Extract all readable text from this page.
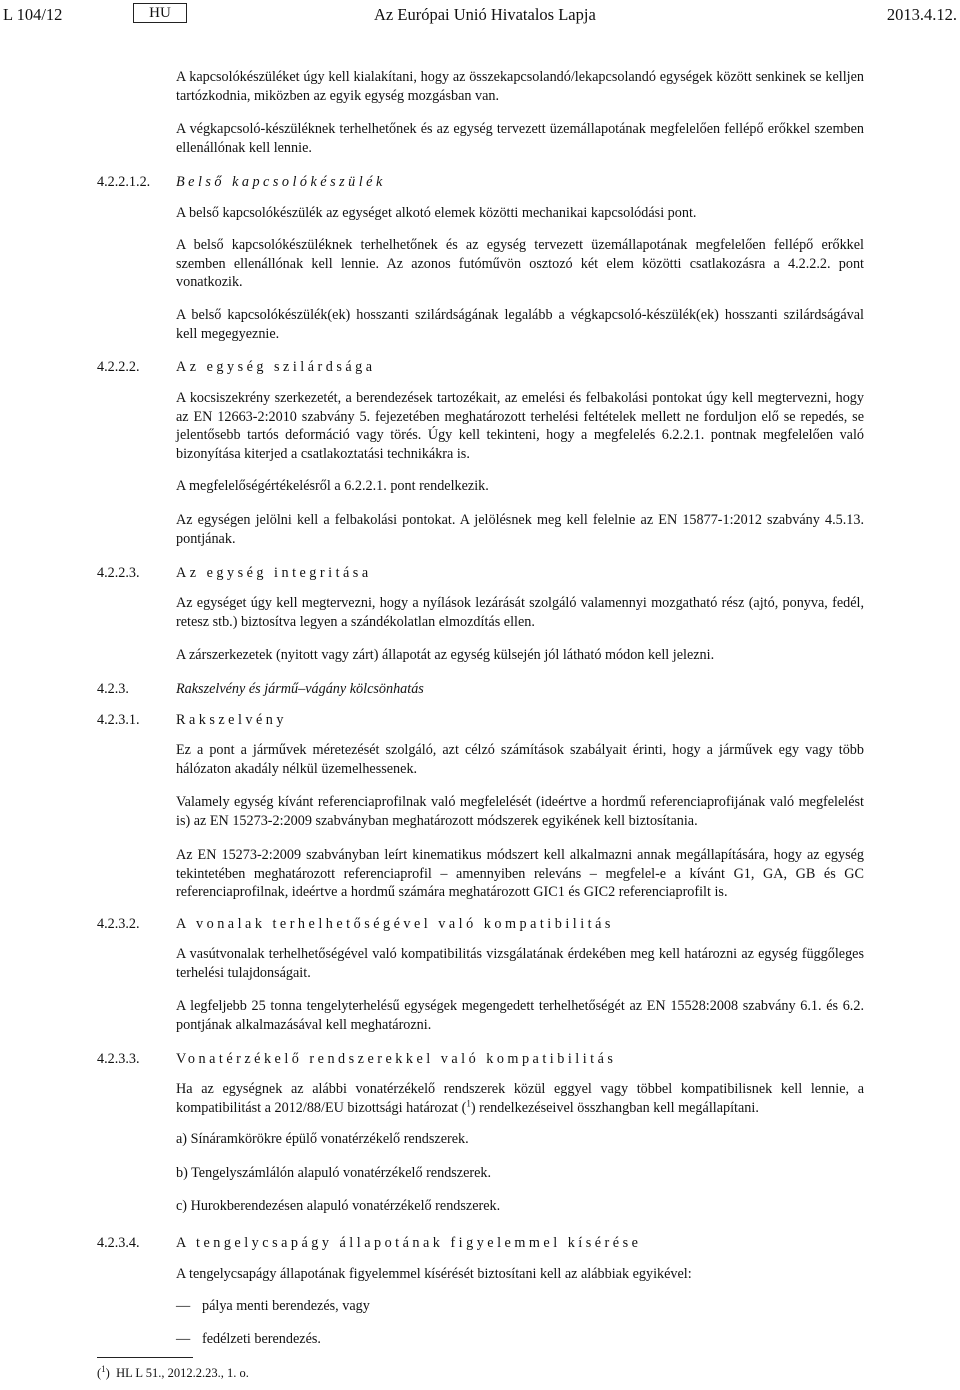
L 104/12	HU	Az Európai Unió Hivatalos Lapja	2013.4.12.

A kapcsolókészüléket úgy kell kialakítani, hogy az összekapcsolandó/lekapcsolandó egységek között senkinek se kelljen tartózkodnia, miközben az egyik egység mozgásban van.

A végkapcsoló-készüléknek terhelhetőnek és az egység tervezett üzemállapotának megfelelően fellépő erőkkel szemben ellenállónak kell lennie.

4.2.2.1.2. Belső kapcsolókészülék

A belső kapcsolókészülék az egységet alkotó elemek közötti mechanikai kapcsolódási pont.

A belső kapcsolókészüléknek terhelhetőnek és az egység tervezett üzemállapotának megfelelően fellépő erőkkel szemben ellenállónak kell lennie. Az azonos futóművön osztozó két elem közötti csatlakozásra a 4.2.2.2. pont vonatkozik.

A belső kapcsolókészülék(ek) hosszanti szilárdságának legalább a végkapcsoló-készülék(ek) hosszanti szilárdságával kell megegyeznie.

4.2.2.2.	Az egység szilárdsága

A kocsiszekrény szerkezetét, a berendezések tartozékait, az emelési és felbakolási pontokat úgy kell megtervezni, hogy az EN 12663-2:2010 szabvány 5. fejezetében meghatározott terhelési feltételek mellett ne forduljon elő se repedés, se jelentősebb tartós deformáció vagy törés. Úgy kell tekinteni, hogy a megfelelés 6.2.2.1. pontnak megfelelően való bizonyítása kiterjed a csatlakoztatási technikákra is.

A megfelelőségértékelésről a 6.2.2.1. pont rendelkezik.

Az egységen jelölni kell a felbakolási pontokat. A jelölésnek meg kell felelnie az EN 15877-1:2012 szabvány 4.5.13. pontjának.

4.2.2.3.	Az egység integritása

Az egységet úgy kell megtervezni, hogy a nyílások lezárását szolgáló valamennyi mozgatható rész (ajtó, ponyva, fedél, retesz stb.) biztosítva legyen a szándékolatlan elmozdítás ellen.

A zárszerkezetek (nyitott vagy zárt) állapotát az egység külsején jól látható módon kell jelezni.

4.2.3.	Rakszelvény és jármű–vágány kölcsönhatás
4.2.3.1.	Rakszelvény

Ez a pont a járművek méretezését szolgáló, azt célzó számítások szabályait érinti, hogy a járművek egy vagy több hálózaton akadály nélkül üzemelhessenek.

Valamely egység kívánt referenciaprofilnak való megfelelését (ideértve a hordmű referenciaprofijának való megfelelést is) az EN 15273-2:2009 szabványban meghatározott módszerek egyikének kell biztosítania.

Az EN 15273-2:2009 szabványban leírt kinematikus módszert kell alkalmazni annak megállapítására, hogy az egység tekintetében meghatározott referenciaprofil – amennyiben releváns – megfelel-e a kívánt G1, GA, GB és GC referenciaprofilnak, ideértve a hordmű számára meghatározott GIC1 és GIC2 referenciaprofilt is.

4.2.3.2.	A vonalak terhelhetőségével való kompatibilitás

A vasútvonalak terhelhetőségével való kompatibilitás vizsgálatának érdekében meg kell határozni az egység függőleges terhelési tulajdonságait.

A legfeljebb 25 tonna tengelyterhelésű egységek megengedett terhelhetőségét az EN 15528:2008 szabvány 6.1. és 6.2. pontjának alkalmazásával kell meghatározni.

4.2.3.3.	Vonatérzékelő rendszerekkel való kompatibilitás

Ha az egységnek az alábbi vonatérzékelő rendszerek közül eggyel vagy többel kompatibilisnek kell lennie, a kompatibilitást a 2012/88/EU bizottsági határozat ($^1$) rendelkezéseivel összhangban kell megállapítani.

a) Sínáramkörökre épülő vonatérzékelő rendszerek.

b) Tengelyszámlálón alapuló vonatérzékelő rendszerek.

c) Hurokberendezésen alapuló vonatérzékelő rendszerek.

4.2.3.4.	A tengelycsapágy állapotának figyelemmel kísérése

A tengelycsapágy állapotának figyelemmel kísérését biztosítani kell az alábbiak egyikével:

— pálya menti berendezés, vagy

— fedélzeti berendezés.

($^1$)  HL L 51., 2012.2.23., 1. o.
